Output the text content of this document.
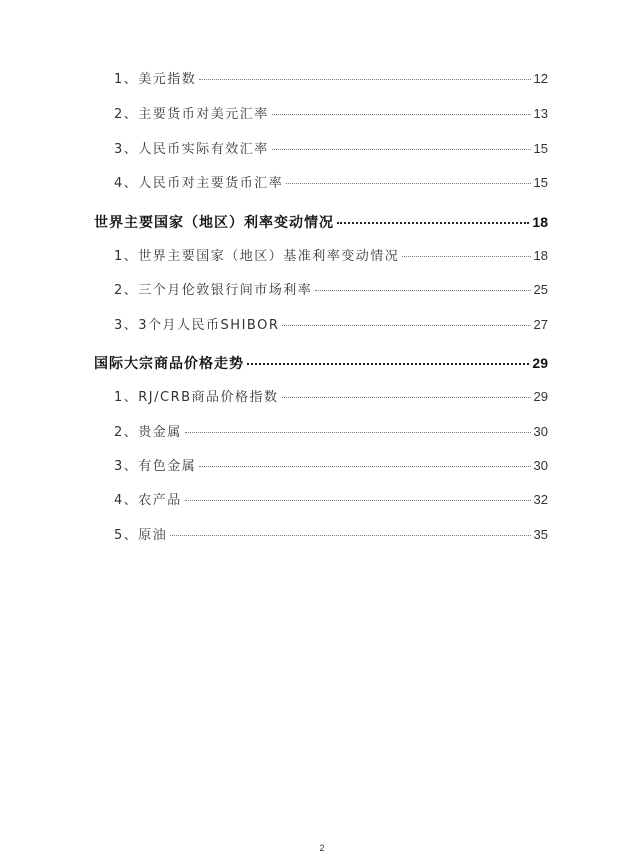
1、美元指数	12
2、主要货币对美元汇率	13
3、人民币实际有效汇率	15
4、人民币对主要货币汇率	15
世界主要国家（地区）利率变动情况	18
1、世界主要国家（地区）基准利率变动情况	18
2、三个月伦敦银行间市场利率	25
3、3个月人民币SHIBOR	27
国际大宗商品价格走势	29
1、RJ/CRB商品价格指数	29
2、贵金属	30
3、有色金属	30
4、农产品	32
5、原油	35
2
